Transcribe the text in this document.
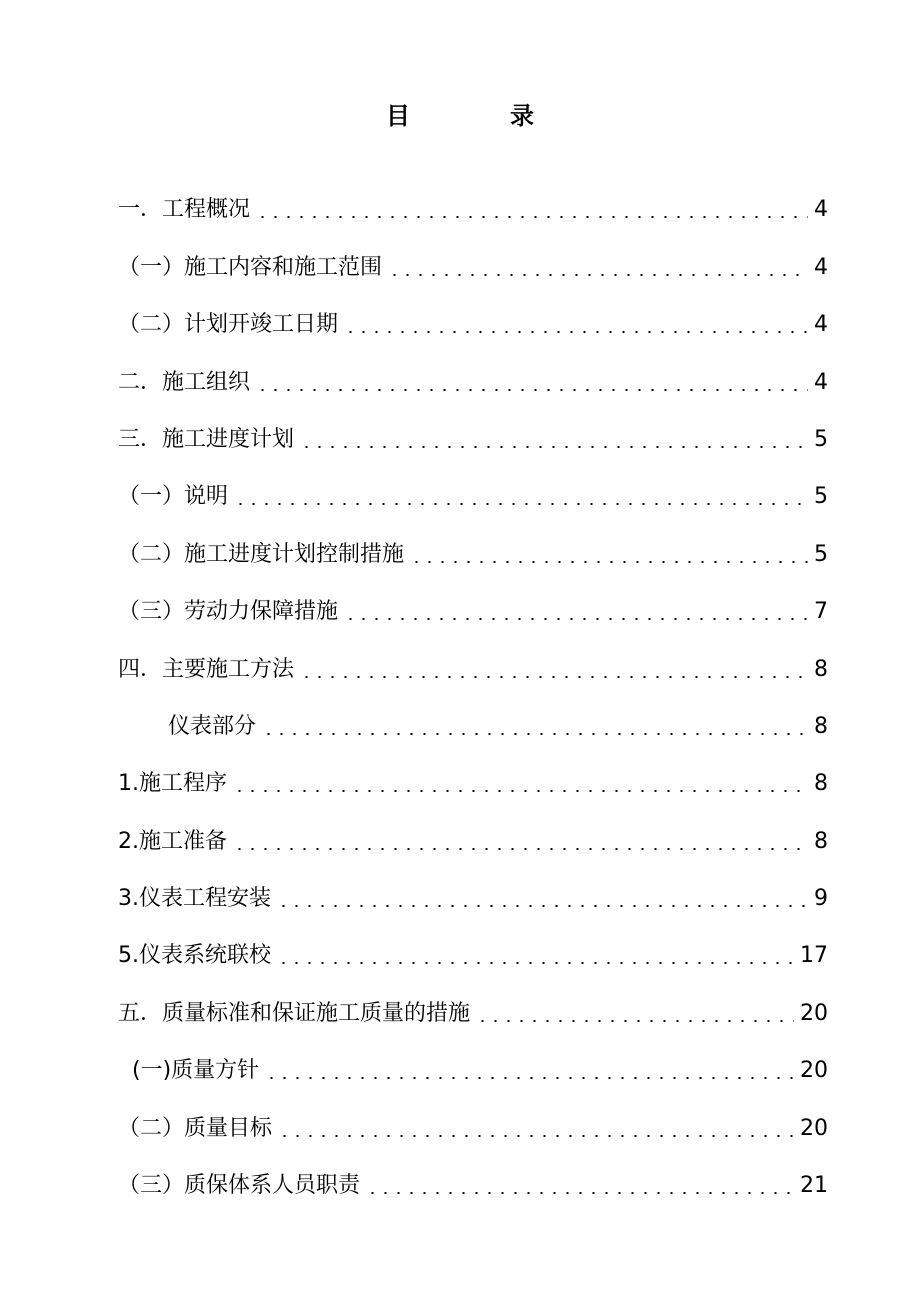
目　录
一．工程概况	4
（一）施工内容和施工范围	4
（二）计划开竣工日期	4
二．施工组织	4
三．施工进度计划	5
（一）说明	5
（二）施工进度计划控制措施	5
（三）劳动力保障措施	7
四．主要施工方法	8
仪表部分	8
1.施工程序	8
2.施工准备	8
3.仪表工程安装	9
5.仪表系统联校	17
五．质量标准和保证施工质量的措施	20
(一)质量方针	20
（二）质量目标	20
（三）质保体系人员职责	21
